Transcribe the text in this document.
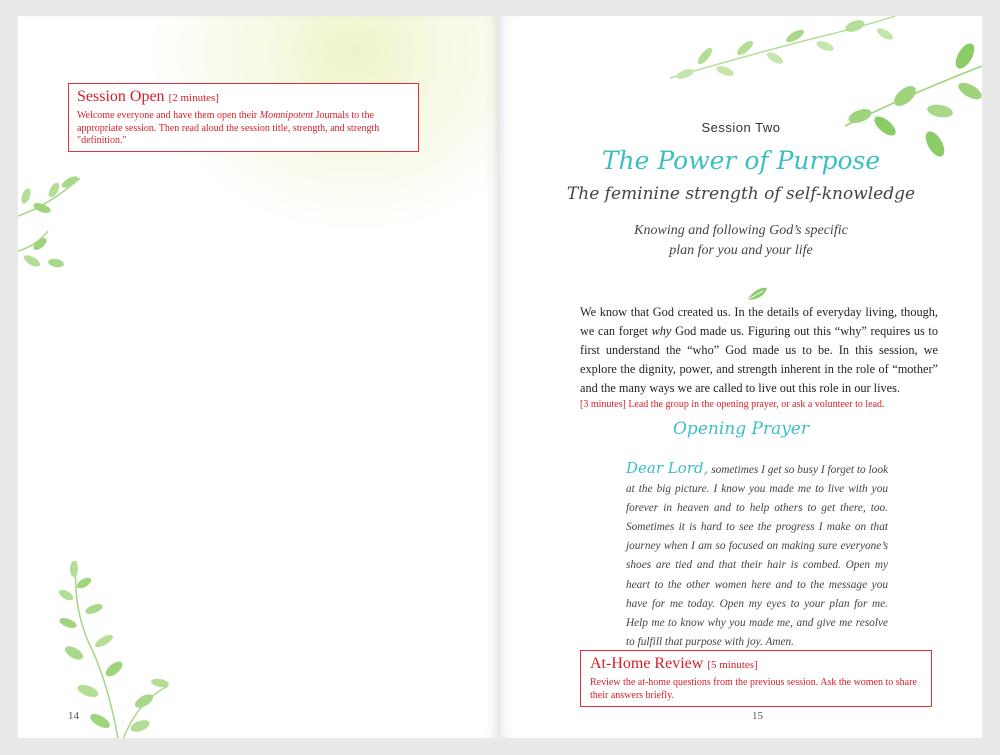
Session Open [2 minutes]
Welcome everyone and have them open their Momnipotent Journals to the appropriate session. Then read aloud the session title, strength, and strength "definition."
14
Session Two
The Power of Purpose
The feminine strength of self-knowledge
Knowing and following God’s specific
plan for you and your life
We know that God created us. In the details of everyday living, though, we can forget why God made us. Figuring out this “why” requires us to first understand the “who” God made us to be. In this session, we explore the dignity, power, and strength inherent in the role of “mother” and the many ways we are called to live out this role in our lives.
[3 minutes] Lead the group in the opening prayer, or ask a volunteer to lead.
Opening Prayer
Dear Lord, sometimes I get so busy I forget to look at the big picture. I know you made me to live with you forever in heaven and to help others to get there, too. Sometimes it is hard to see the progress I make on that journey when I am so focused on making sure everyone’s shoes are tied and that their hair is combed. Open my heart to the other women here and to the message you have for me today. Open my eyes to your plan for me. Help me to know why you made me, and give me resolve to fulfill that purpose with joy. Amen.
At-Home Review [5 minutes]
Review the at-home questions from the previous session. Ask the women to share their answers briefly.
15
